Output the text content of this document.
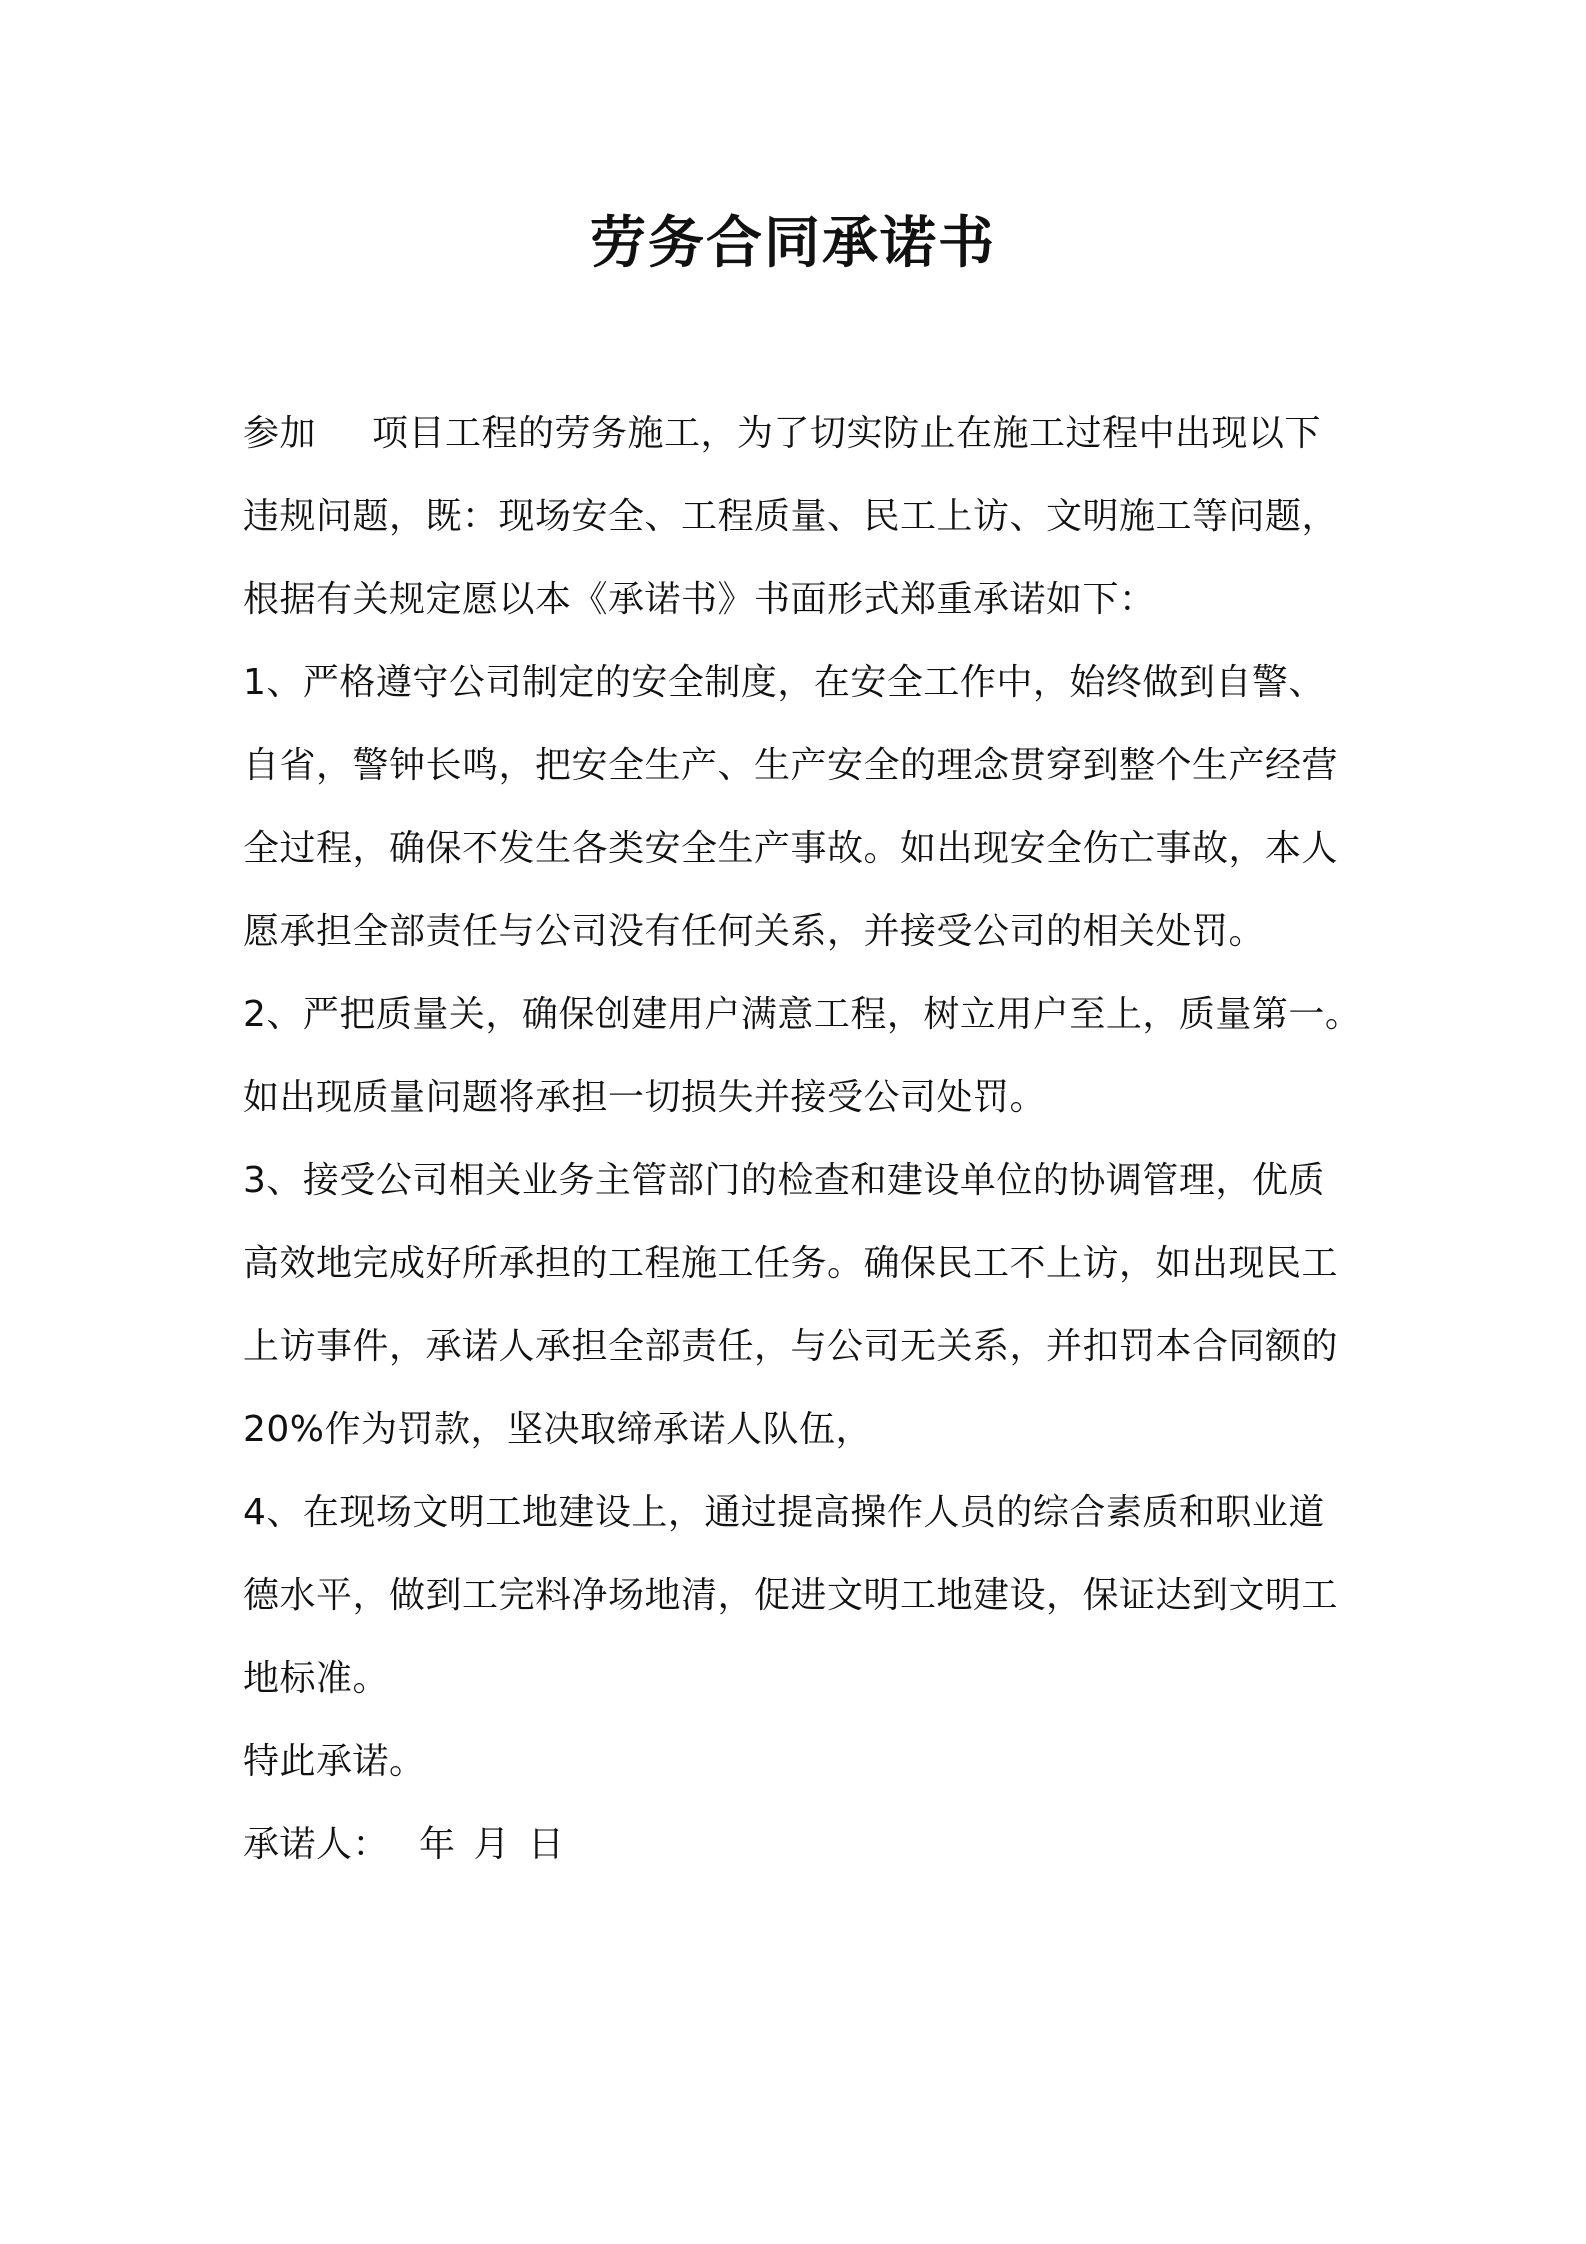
劳务合同承诺书
参加 项目工程的劳务施工，为了切实防止在施工过程中出现以下
违规问题，既：现场安全、工程质量、民工上访、文明施工等问题，
根据有关规定愿以本《承诺书》书面形式郑重承诺如下：
1、严格遵守公司制定的安全制度，在安全工作中，始终做到自警、
自省，警钟长鸣，把安全生产、生产安全的理念贯穿到整个生产经营
全过程，确保不发生各类安全生产事故。如出现安全伤亡事故，本人
愿承担全部责任与公司没有任何关系，并接受公司的相关处罚。
2、严把质量关，确保创建用户满意工程，树立用户至上，质量第一。
如出现质量问题将承担一切损失并接受公司处罚。
3、接受公司相关业务主管部门的检查和建设单位的协调管理，优质
高效地完成好所承担的工程施工任务。确保民工不上访，如出现民工
上访事件，承诺人承担全部责任，与公司无关系，并扣罚本合同额的
20%作为罚款，坚决取缔承诺人队伍，
4、在现场文明工地建设上，通过提高操作人员的综合素质和职业道
德水平，做到工完料净场地清，促进文明工地建设，保证达到文明工
地标准。
特此承诺。
承诺人： 年 月 日
